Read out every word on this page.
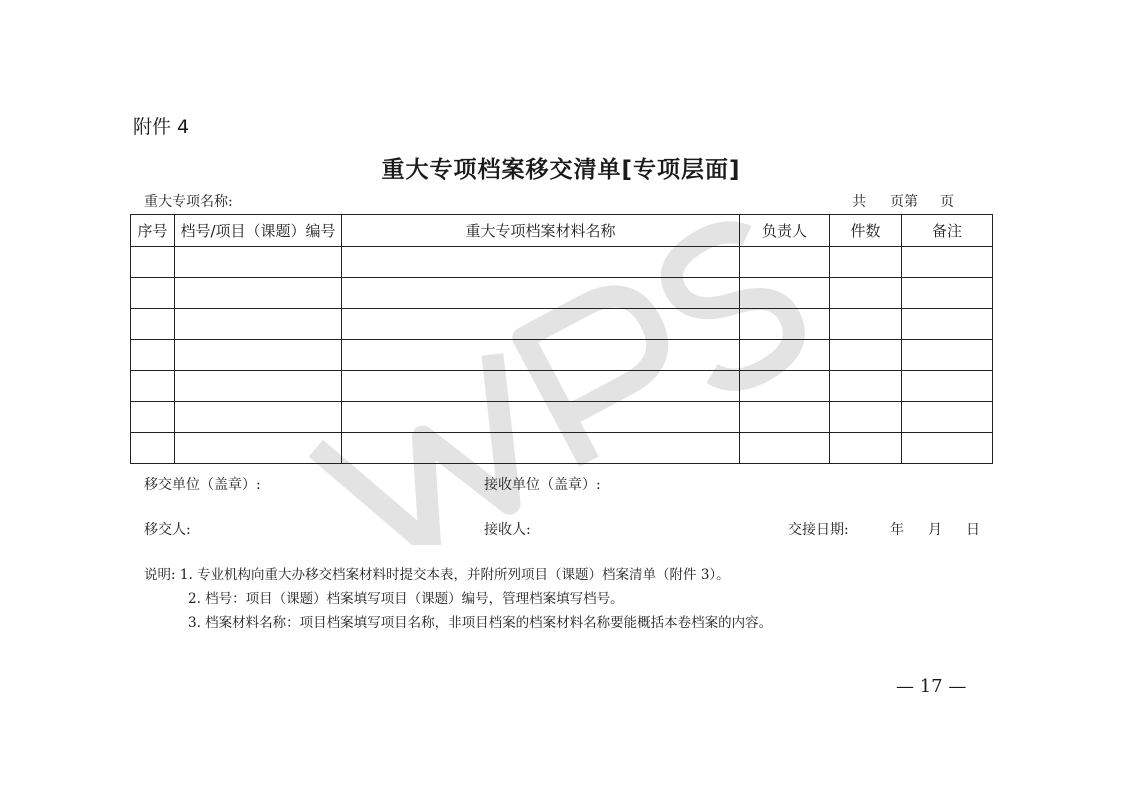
附件 4
重大专项档案移交清单[专项层面]
重大专项名称:	共 页第 页
序号	档号/项目（课题）编号	重大专项档案材料名称	负责人	件数	备注

移交单位（盖章）:	接收单位（盖章）:
移交人:	接收人:	交接日期:	年 月 日
说明: 1. 专业机构向重大办移交档案材料时提交本表，并附所列项目（课题）档案清单（附件 3）。
2. 档号：项目（课题）档案填写项目（课题）编号，管理档案填写档号。
3. 档案材料名称：项目档案填写项目名称，非项目档案的档案材料名称要能概括本卷档案的内容。
— 17 —
